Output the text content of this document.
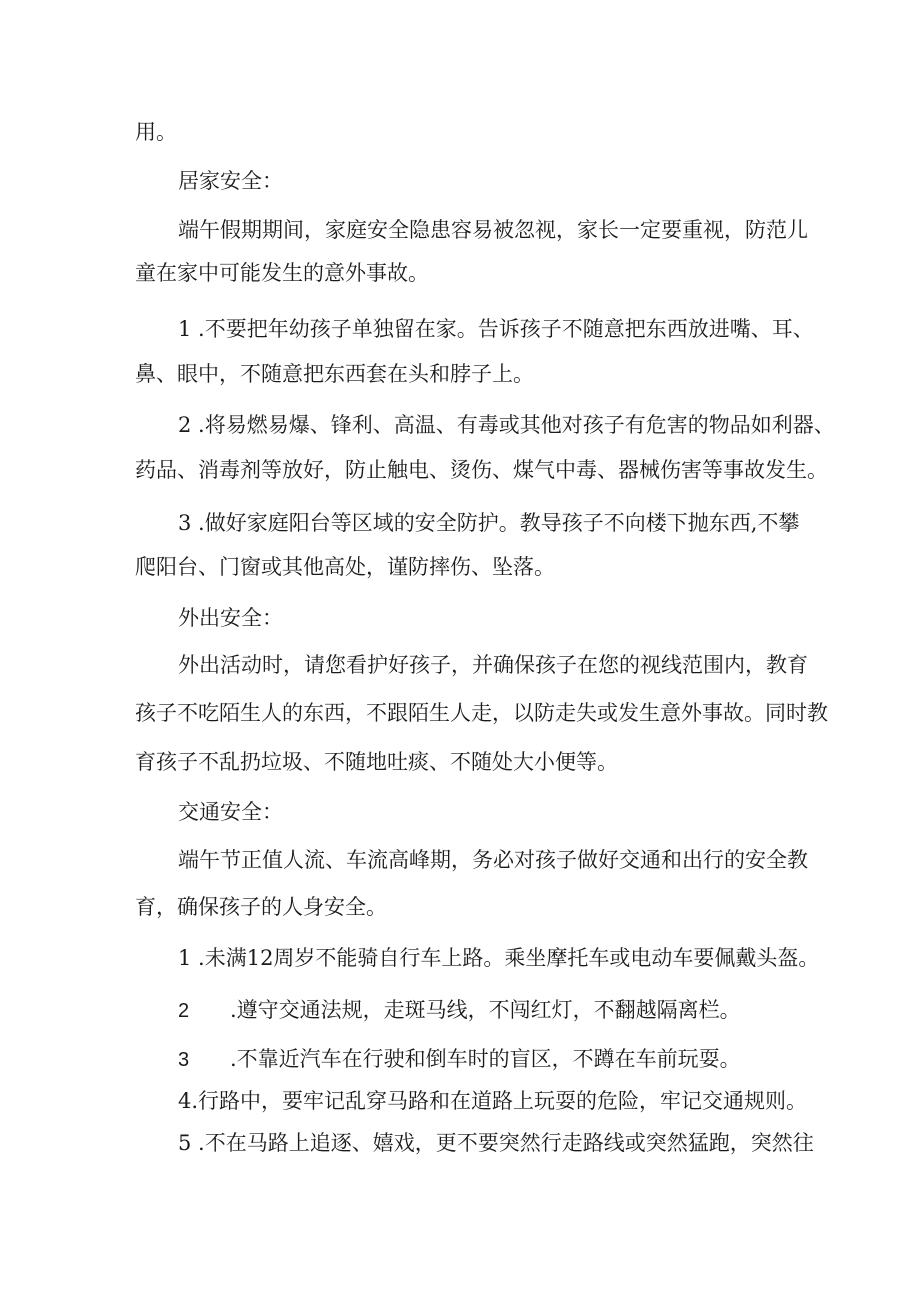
用。
居家安全：
端午假期期间，家庭安全隐患容易被忽视，家长一定要重视，防范儿
童在家中可能发生的意外事故。
1 .不要把年幼孩子单独留在家。告诉孩子不随意把东西放进嘴、耳、
鼻、眼中，不随意把东西套在头和脖子上。
2 .将易燃易爆、锋利、高温、有毒或其他对孩子有危害的物品如利器、
药品、消毒剂等放好，防止触电、烫伤、煤气中毒、器械伤害等事故发生。
3 .做好家庭阳台等区域的安全防护。教导孩子不向楼下抛东西,不攀
爬阳台、门窗或其他高处，谨防摔伤、坠落。
外出安全：
外出活动时，请您看护好孩子，并确保孩子在您的视线范围内，教育
孩子不吃陌生人的东西，不跟陌生人走，以防走失或发生意外事故。同时教
育孩子不乱扔垃圾、不随地吐痰、不随处大小便等。
交通安全：
端午节正值人流、车流高峰期，务必对孩子做好交通和出行的安全教
育，确保孩子的人身安全。
1 .未满12周岁不能骑自行车上路。乘坐摩托车或电动车要佩戴头盔。
2 .遵守交通法规，走斑马线，不闯红灯，不翻越隔离栏。
3 .不靠近汽车在行驶和倒车时的盲区，不蹲在车前玩耍。
4.行路中，要牢记乱穿马路和在道路上玩耍的危险，牢记交通规则。
5 .不在马路上追逐、嬉戏，更不要突然行走路线或突然猛跑，突然往
